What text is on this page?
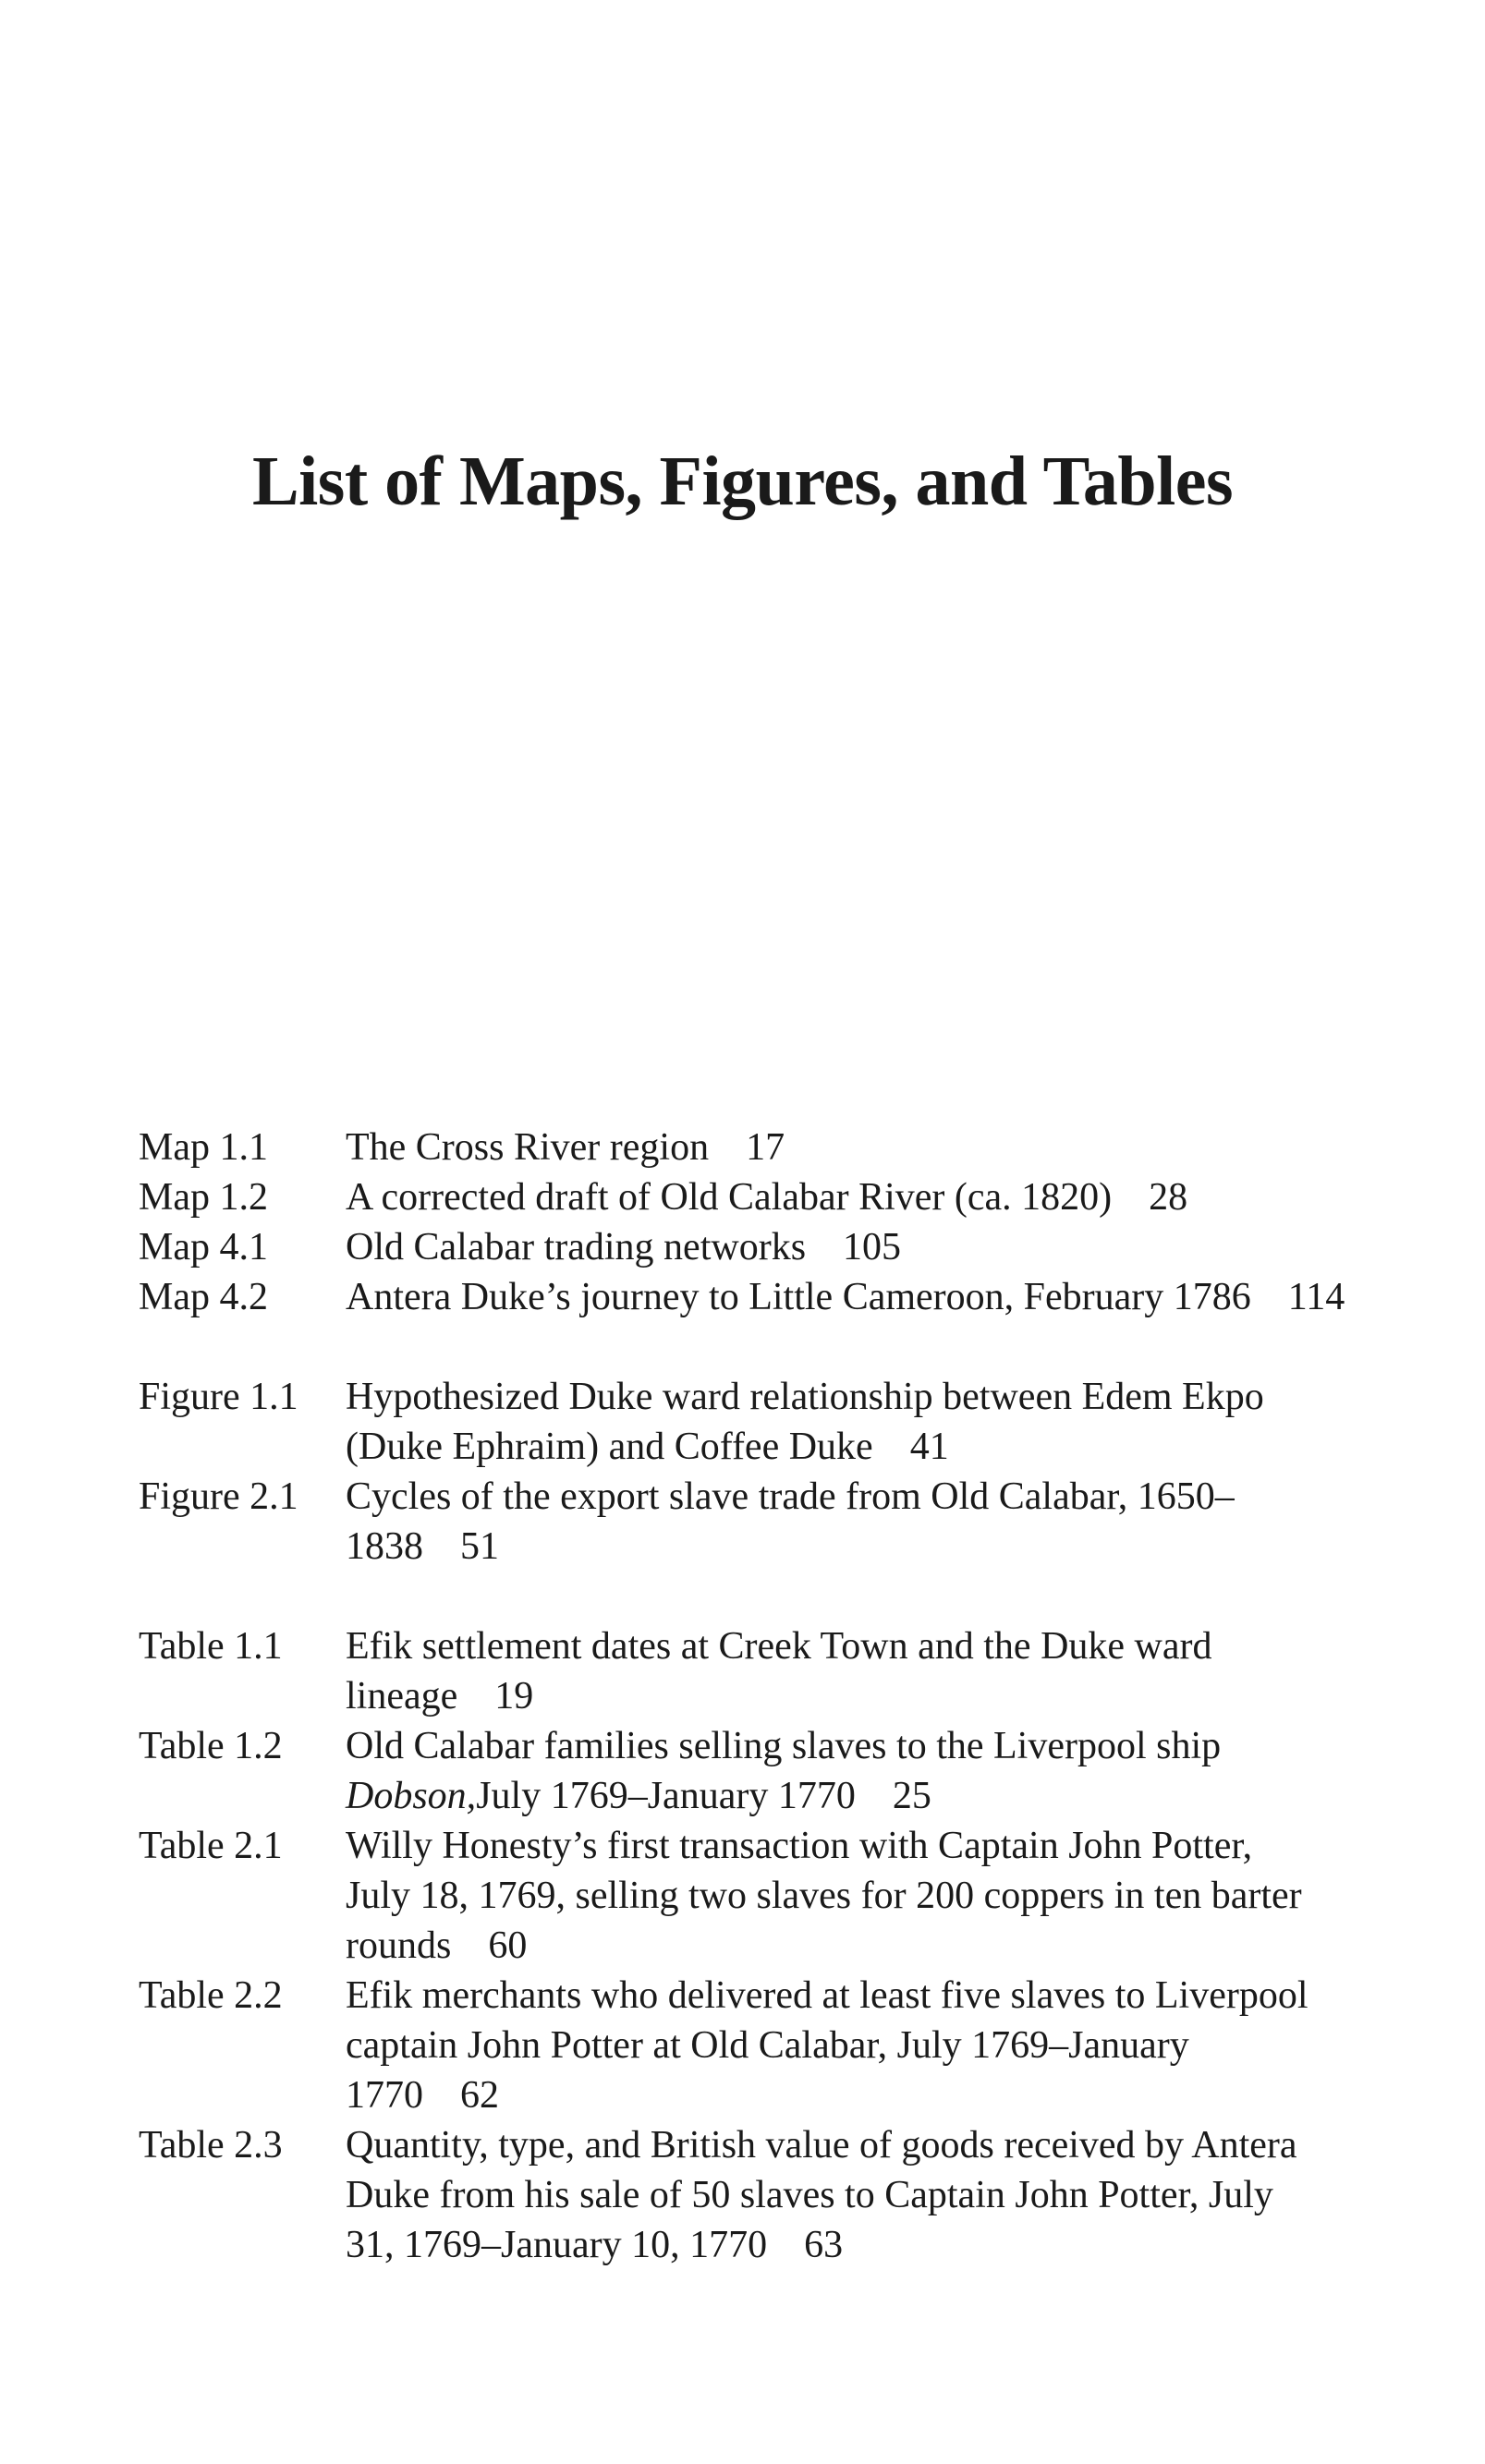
List of Maps, Figures, and Tables
Map 1.1	The Cross River region 17
Map 1.2	A corrected draft of Old Calabar River (ca. 1820) 28
Map 4.1	Old Calabar trading networks 105
Map 4.2	Antera Duke’s journey to Little Cameroon, February 1786 114
Figure 1.1	Hypothesized Duke ward relationship between Edem Ekpo (Duke Ephraim) and Coffee Duke 41
Figure 2.1	Cycles of the export slave trade from Old Calabar, 1650–1838 51
Table 1.1	Efik settlement dates at Creek Town and the Duke ward lineage 19
Table 1.2	Old Calabar families selling slaves to the Liverpool ship Dobson,July 1769–January 1770 25
Table 2.1	Willy Honesty’s first transaction with Captain John Potter, July 18, 1769, selling two slaves for 200 coppers in ten barter rounds 60
Table 2.2	Efik merchants who delivered at least five slaves to Liverpool captain John Potter at Old Calabar, July 1769–January 1770 62
Table 2.3	Quantity, type, and British value of goods received by Antera Duke from his sale of 50 slaves to Captain John Potter, July 31, 1769–January 10, 1770 63
